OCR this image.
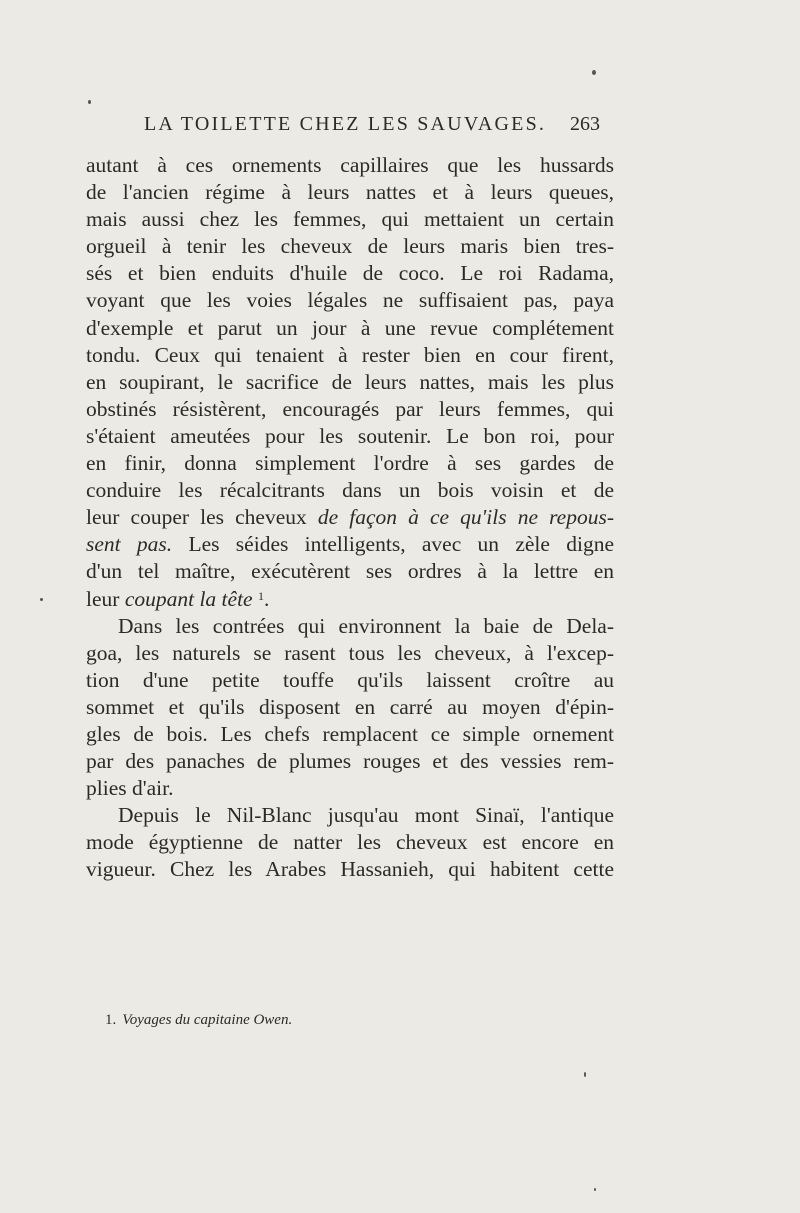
LA TOILETTE CHEZ LES SAUVAGES. 263
autant à ces ornements capillaires que les hussards
de l'ancien régime à leurs nattes et à leurs queues,
mais aussi chez les femmes, qui mettaient un certain
orgueil à tenir les cheveux de leurs maris bien tres-
sés et bien enduits d'huile de coco. Le roi Radama,
voyant que les voies légales ne suffisaient pas, paya
d'exemple et parut un jour à une revue complétement
tondu. Ceux qui tenaient à rester bien en cour firent,
en soupirant, le sacrifice de leurs nattes, mais les plus
obstinés résistèrent, encouragés par leurs femmes, qui
s'étaient ameutées pour les soutenir. Le bon roi, pour
en finir, donna simplement l'ordre à ses gardes de
conduire les récalcitrants dans un bois voisin et de
leur couper les cheveux de façon à ce qu'ils ne repous-
sent pas. Les séides intelligents, avec un zèle digne
d'un tel maître, exécutèrent ses ordres à la lettre en
leur coupant la tête $^1$.
Dans les contrées qui environnent la baie de Dela-
goa, les naturels se rasent tous les cheveux, à l'excep-
tion d'une petite touffe qu'ils laissent croître au
sommet et qu'ils disposent en carré au moyen d'épin-
gles de bois. Les chefs remplacent ce simple ornement
par des panaches de plumes rouges et des vessies rem-
plies d'air.
Depuis le Nil-Blanc jusqu'au mont Sinaï, l'antique
mode égyptienne de natter les cheveux est encore en
vigueur. Chez les Arabes Hassanieh, qui habitent cette
1. Voyages du capitaine Owen.
